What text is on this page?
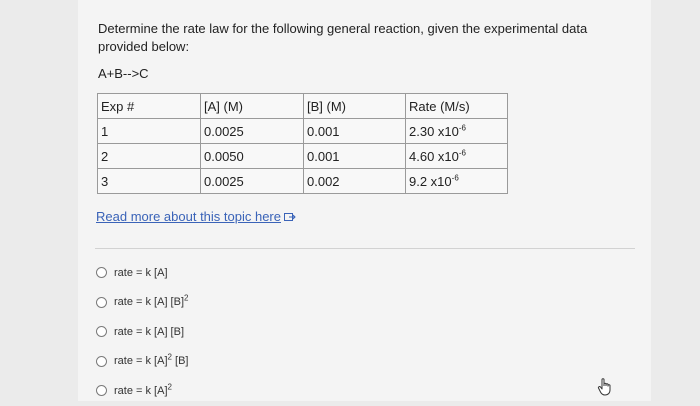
Determine the rate law for the following general reaction, given the experimental data provided below:
A+B-->C
Exp #	[A] (M)	[B] (M)	Rate (M/s)
1	0.0025	0.001	2.30 $x10^{-6}$
2	0.0050	0.001	4.60 $x10^{-6}$
3	0.0025	0.002	9.2 $x10^{-6}$
Read more about this topic here
rate = k [A]
rate = k [A] $[B]^2$
rate = k [A] [B]
rate = k $[A]^2$ [B]
rate = k $[A]^2$
